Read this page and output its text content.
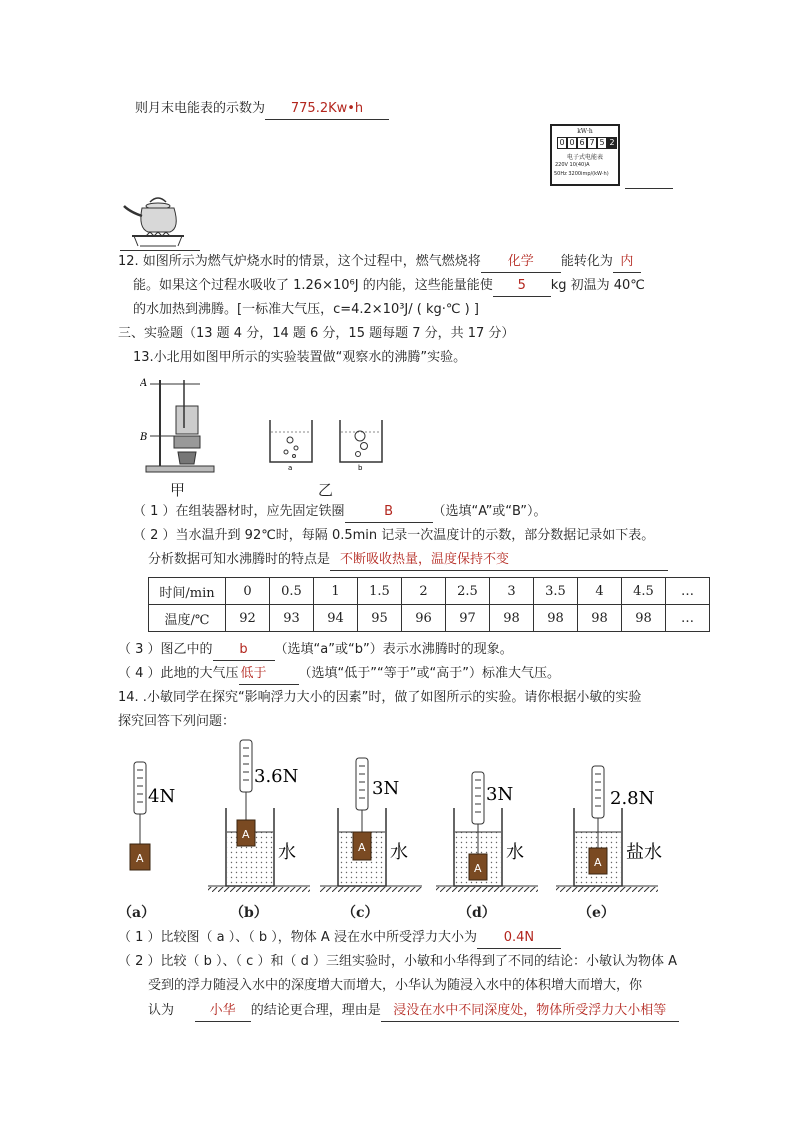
则月末电能表的示数为 775.2Kw•h
kW·h
0 0 6 7 5 2
电子式电能表
220V 10(40)A
50Hz 3200imp/(kW·h)
12. 如图所示为燃气炉烧水时的情景，这个过程中，燃气燃烧将 化学 能转化为 内
能。如果这个过程水吸收了 1.26×10⁶J 的内能，这些能量能使 5 kg 初温为 40℃
的水加热到沸腾。[一标准大气压，c=4.2×10³J/ ( kg·℃ ) ]
三、实验题（13 题 4 分，14 题 6 分，15 题每题 7 分，共 17 分）
13.小北用如图甲所示的实验装置做“观察水的沸腾”实验。
A
B
甲
a	b
乙
（ 1 ）在组装器材时，应先固定铁圈	B	（选填“A”或“B”）。
（ 2 ）当水温升到 92℃时，每隔 0.5min 记录一次温度计的示数，部分数据记录如下表。
分析数据可知水沸腾时的特点是 不断吸收热量，温度保持不变
时间/min	0	0.5	1	1.5	2	2.5	3	3.5	4	4.5	…
温度/℃	92	93	94	95	96	97	98	98	98	98	…
（ 3 ）图乙中的 b （选填“a”或“b”）表示水沸腾时的现象。
（ 4 ）此地的大气压 低于 （选填“低于”“等于”或“高于”）标准大气压。
14. .小敏同学在探究“影响浮力大小的因素”时，做了如图所示的实验。请你根据小敏的实验
探究回答下列问题：
A
4N
A
3.6N
水	A
3N
水
A
3N
水	A
2.8N
盐水
（a）	（b）	（c）	（d）	（e）
（ 1 ）比较图（ a ）、（ b ），物体 A 浸在水中所受浮力大小为 0.4N
（ 2 ）比较（ b ）、（ c ）和（ d ）三组实验时，小敏和小华得到了不同的结论：小敏认为物体 A
受到的浮力随浸入水中的深度增大而增大，小华认为随浸入水中的体积增大而增大，你
认为	小华 的结论更合理，理由是 浸没在水中不同深度处，物体所受浮力大小相等
